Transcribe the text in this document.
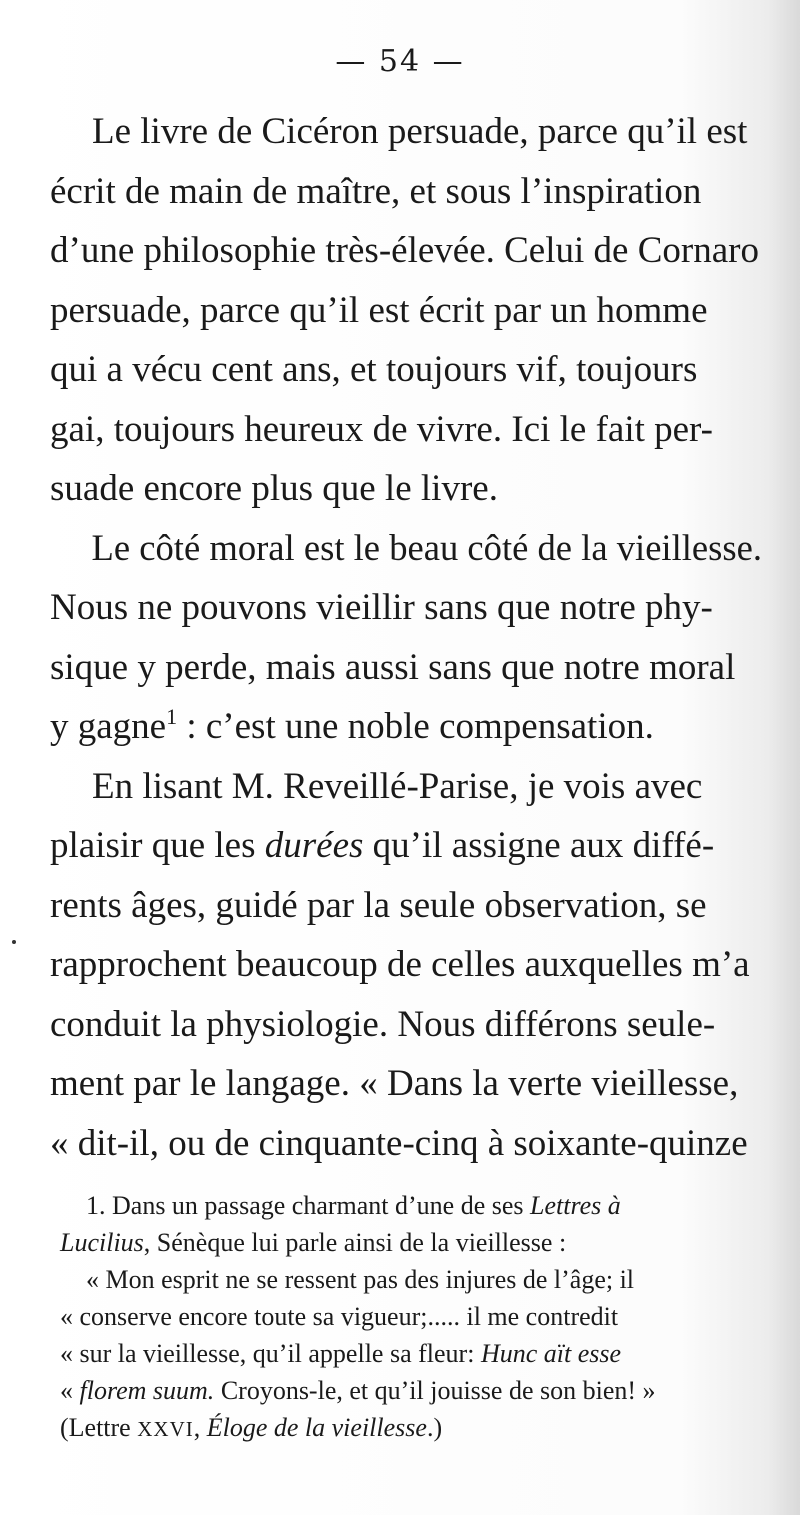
— 54 —
Le livre de Cicéron persuade, parce qu’il est
écrit de main de maître, et sous l’inspiration
d’une philosophie très-élevée. Celui de Cornaro
persuade, parce qu’il est écrit par un homme
qui a vécu cent ans, et toujours vif, toujours
gai, toujours heureux de vivre. Ici le fait per-
suade encore plus que le livre.
Le côté moral est le beau côté de la vieillesse.
Nous ne pouvons vieillir sans que notre phy-
sique y perde, mais aussi sans que notre moral
y gagne$^1$ : c’est une noble compensation.
En lisant M. Reveillé-Parise, je vois avec
plaisir que les durées qu’il assigne aux diffé-
rents âges, guidé par la seule observation, se
rapprochent beaucoup de celles auxquelles m’a
conduit la physiologie. Nous différons seule-
ment par le langage. « Dans la verte vieillesse,
« dit-il, ou de cinquante-cinq à soixante-quinze
1. Dans un passage charmant d’une de ses Lettres à
Lucilius, Sénèque lui parle ainsi de la vieillesse :
« Mon esprit ne se ressent pas des injures de l’âge; il
« conserve encore toute sa vigueur;..... il me contredit
« sur la vieillesse, qu’il appelle sa fleur: Hunc aït esse
« florem suum. Croyons-le, et qu’il jouisse de son bien! »
(Lettre XXVI, Éloge de la vieillesse.)
